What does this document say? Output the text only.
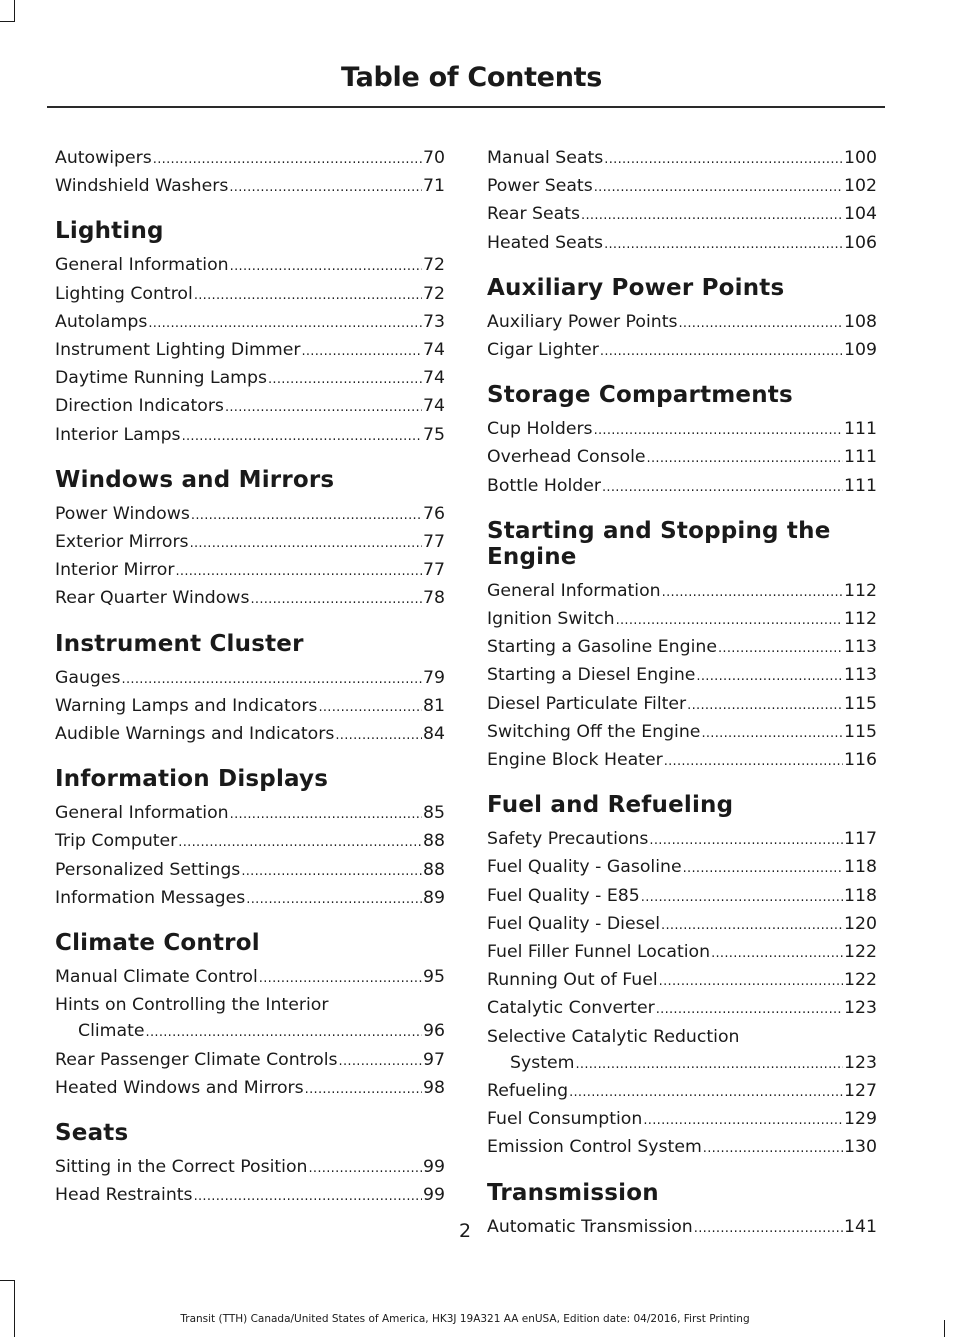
Table of Contents
Autowipers .....	70
Windshield Washers .....	71
Lighting
General Information .....	72
Lighting Control .....	72
Autolamps .....	73
Instrument Lighting Dimmer .....	74
Daytime Running Lamps .....	74
Direction Indicators .....	74
Interior Lamps .....	75
Windows and Mirrors
Power Windows .....	76
Exterior Mirrors .....	77
Interior Mirror .....	77
Rear Quarter Windows .....	78
Instrument Cluster
Gauges .....	79
Warning Lamps and Indicators .....	81
Audible Warnings and Indicators .....	84
Information Displays
General Information .....	85
Trip Computer .....	88
Personalized Settings .....	88
Information Messages .....	89
Climate Control
Manual Climate Control .....	95
Hints on Controlling the Interior
Climate .....	96
Rear Passenger Climate Controls .....	97
Heated Windows and Mirrors .....	98
Seats
Sitting in the Correct Position .....	99
Head Restraints .....	99
Manual Seats .....	100
Power Seats .....	102
Rear Seats .....	104
Heated Seats .....	106
Auxiliary Power Points
Auxiliary Power Points .....	108
Cigar Lighter .....	109
Storage Compartments
Cup Holders .....	111
Overhead Console .....	111
Bottle Holder .....	111
Starting and Stopping the
Engine
General Information .....	112
Ignition Switch .....	112
Starting a Gasoline Engine .....	113
Starting a Diesel Engine .....	113
Diesel Particulate Filter .....	115
Switching Off the Engine .....	115
Engine Block Heater .....	116
Fuel and Refueling
Safety Precautions .....	117
Fuel Quality - Gasoline .....	118
Fuel Quality - E85 .....	118
Fuel Quality - Diesel .....	120
Fuel Filler Funnel Location .....	122
Running Out of Fuel .....	122
Catalytic Converter .....	123
Selective Catalytic Reduction
System .....	123
Refueling .....	127
Fuel Consumption .....	129
Emission Control System .....	130
Transmission
Automatic Transmission .....	141
2
Transit (TTH) Canada/United States of America, HK3J 19A321 AA enUSA, Edition date: 04/2016, First Printing
